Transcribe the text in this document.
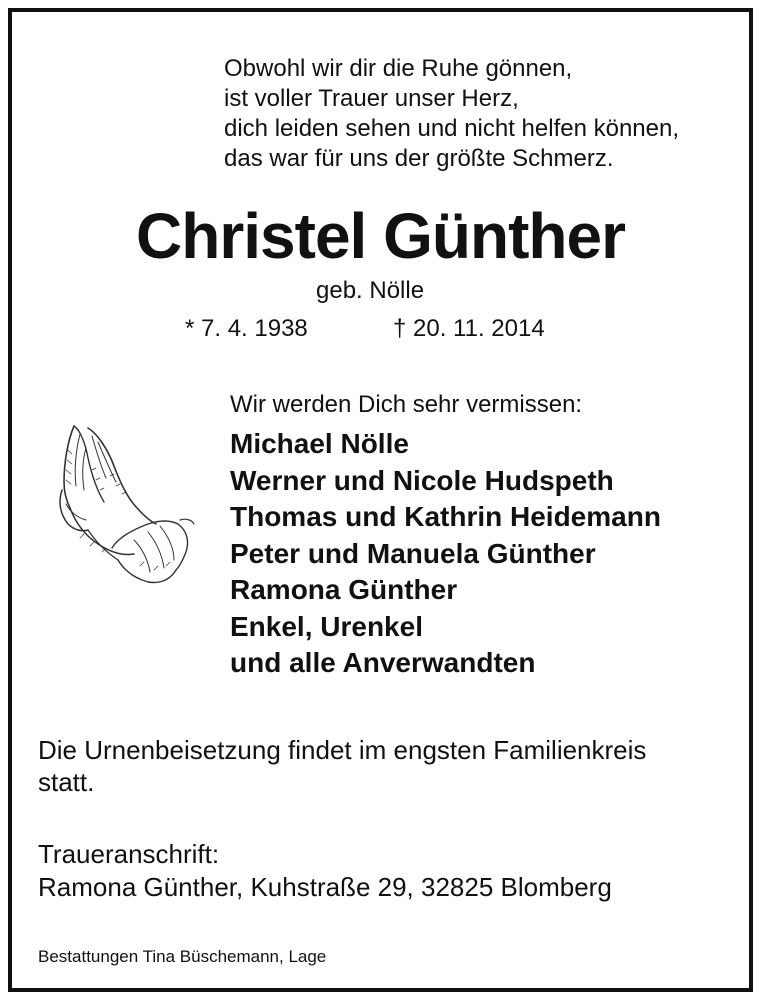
Obwohl wir dir die Ruhe gönnen,
ist voller Trauer unser Herz,
dich leiden sehen und nicht helfen können,
das war für uns der größte Schmerz.
Christel Günther
geb. Nölle
* 7. 4. 1938	† 20. 11. 2014
Wir werden Dich sehr vermissen:
Michael Nölle
Werner und Nicole Hudspeth
Thomas und Kathrin Heidemann
Peter und Manuela Günther
Ramona Günther
Enkel, Urenkel
und alle Anverwandten
Die Urnenbeisetzung findet im engsten Familienkreis
statt.
Traueranschrift:
Ramona Günther, Kuhstraße 29, 32825 Blomberg
Bestattungen Tina Büschemann, Lage
